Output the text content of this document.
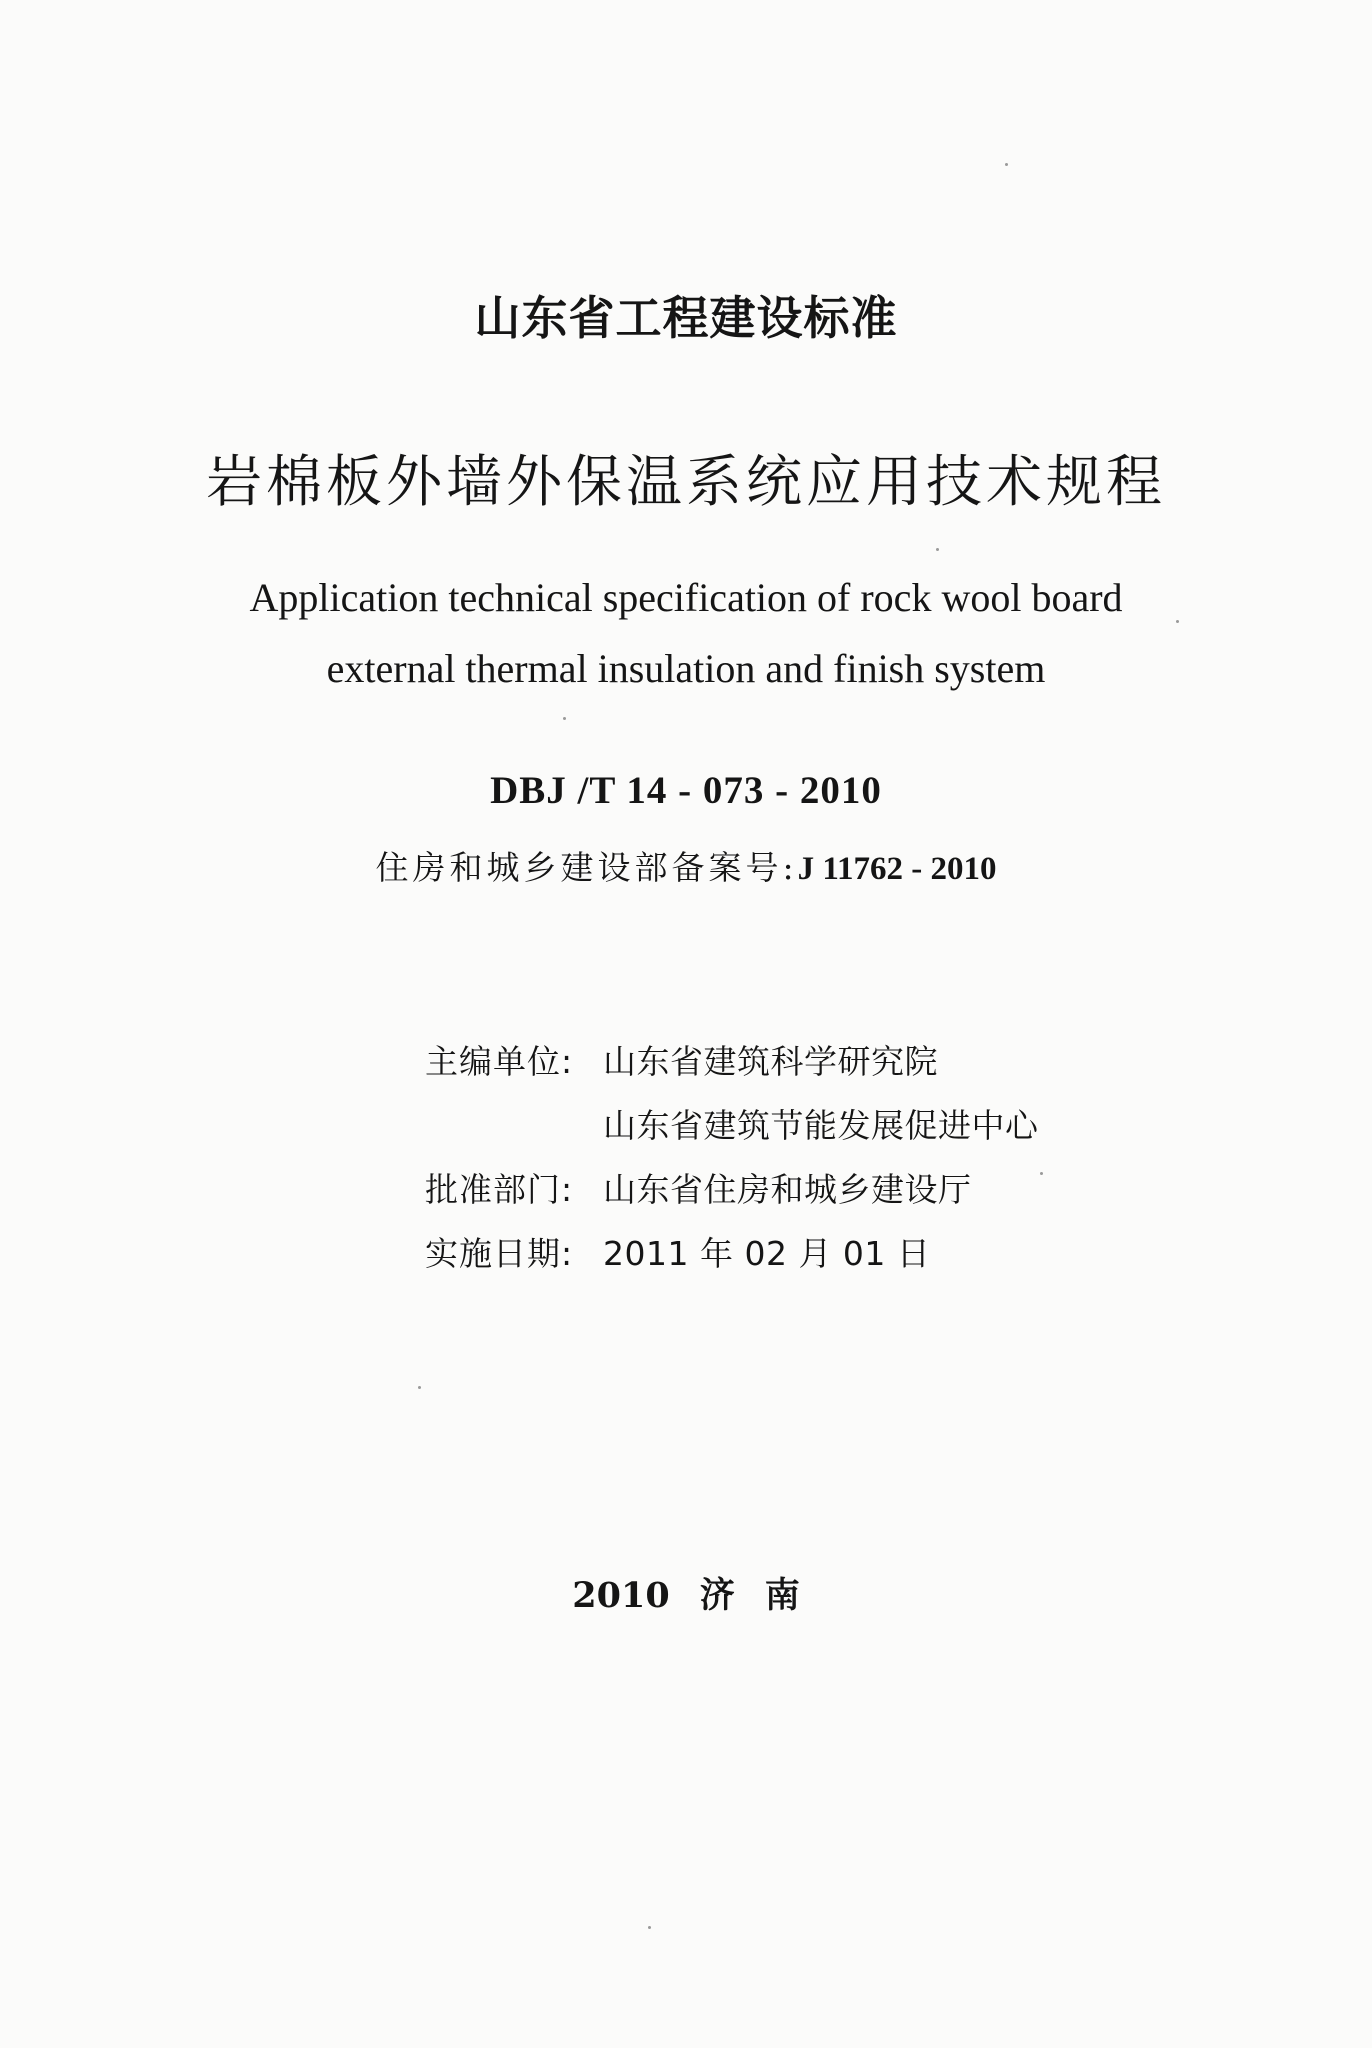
山东省工程建设标准
岩棉板外墙外保温系统应用技术规程
Application technical specification of rock wool board
external thermal insulation and finish system
DBJ /T 14 - 073 - 2010
住房和城乡建设部备案号:J 11762 - 2010
主编单位: 山东省建筑科学研究院
山东省建筑节能发展促进中心
批准部门: 山东省住房和城乡建设厅
实施日期: 2011 年 02 月 01 日
2010 济 南
